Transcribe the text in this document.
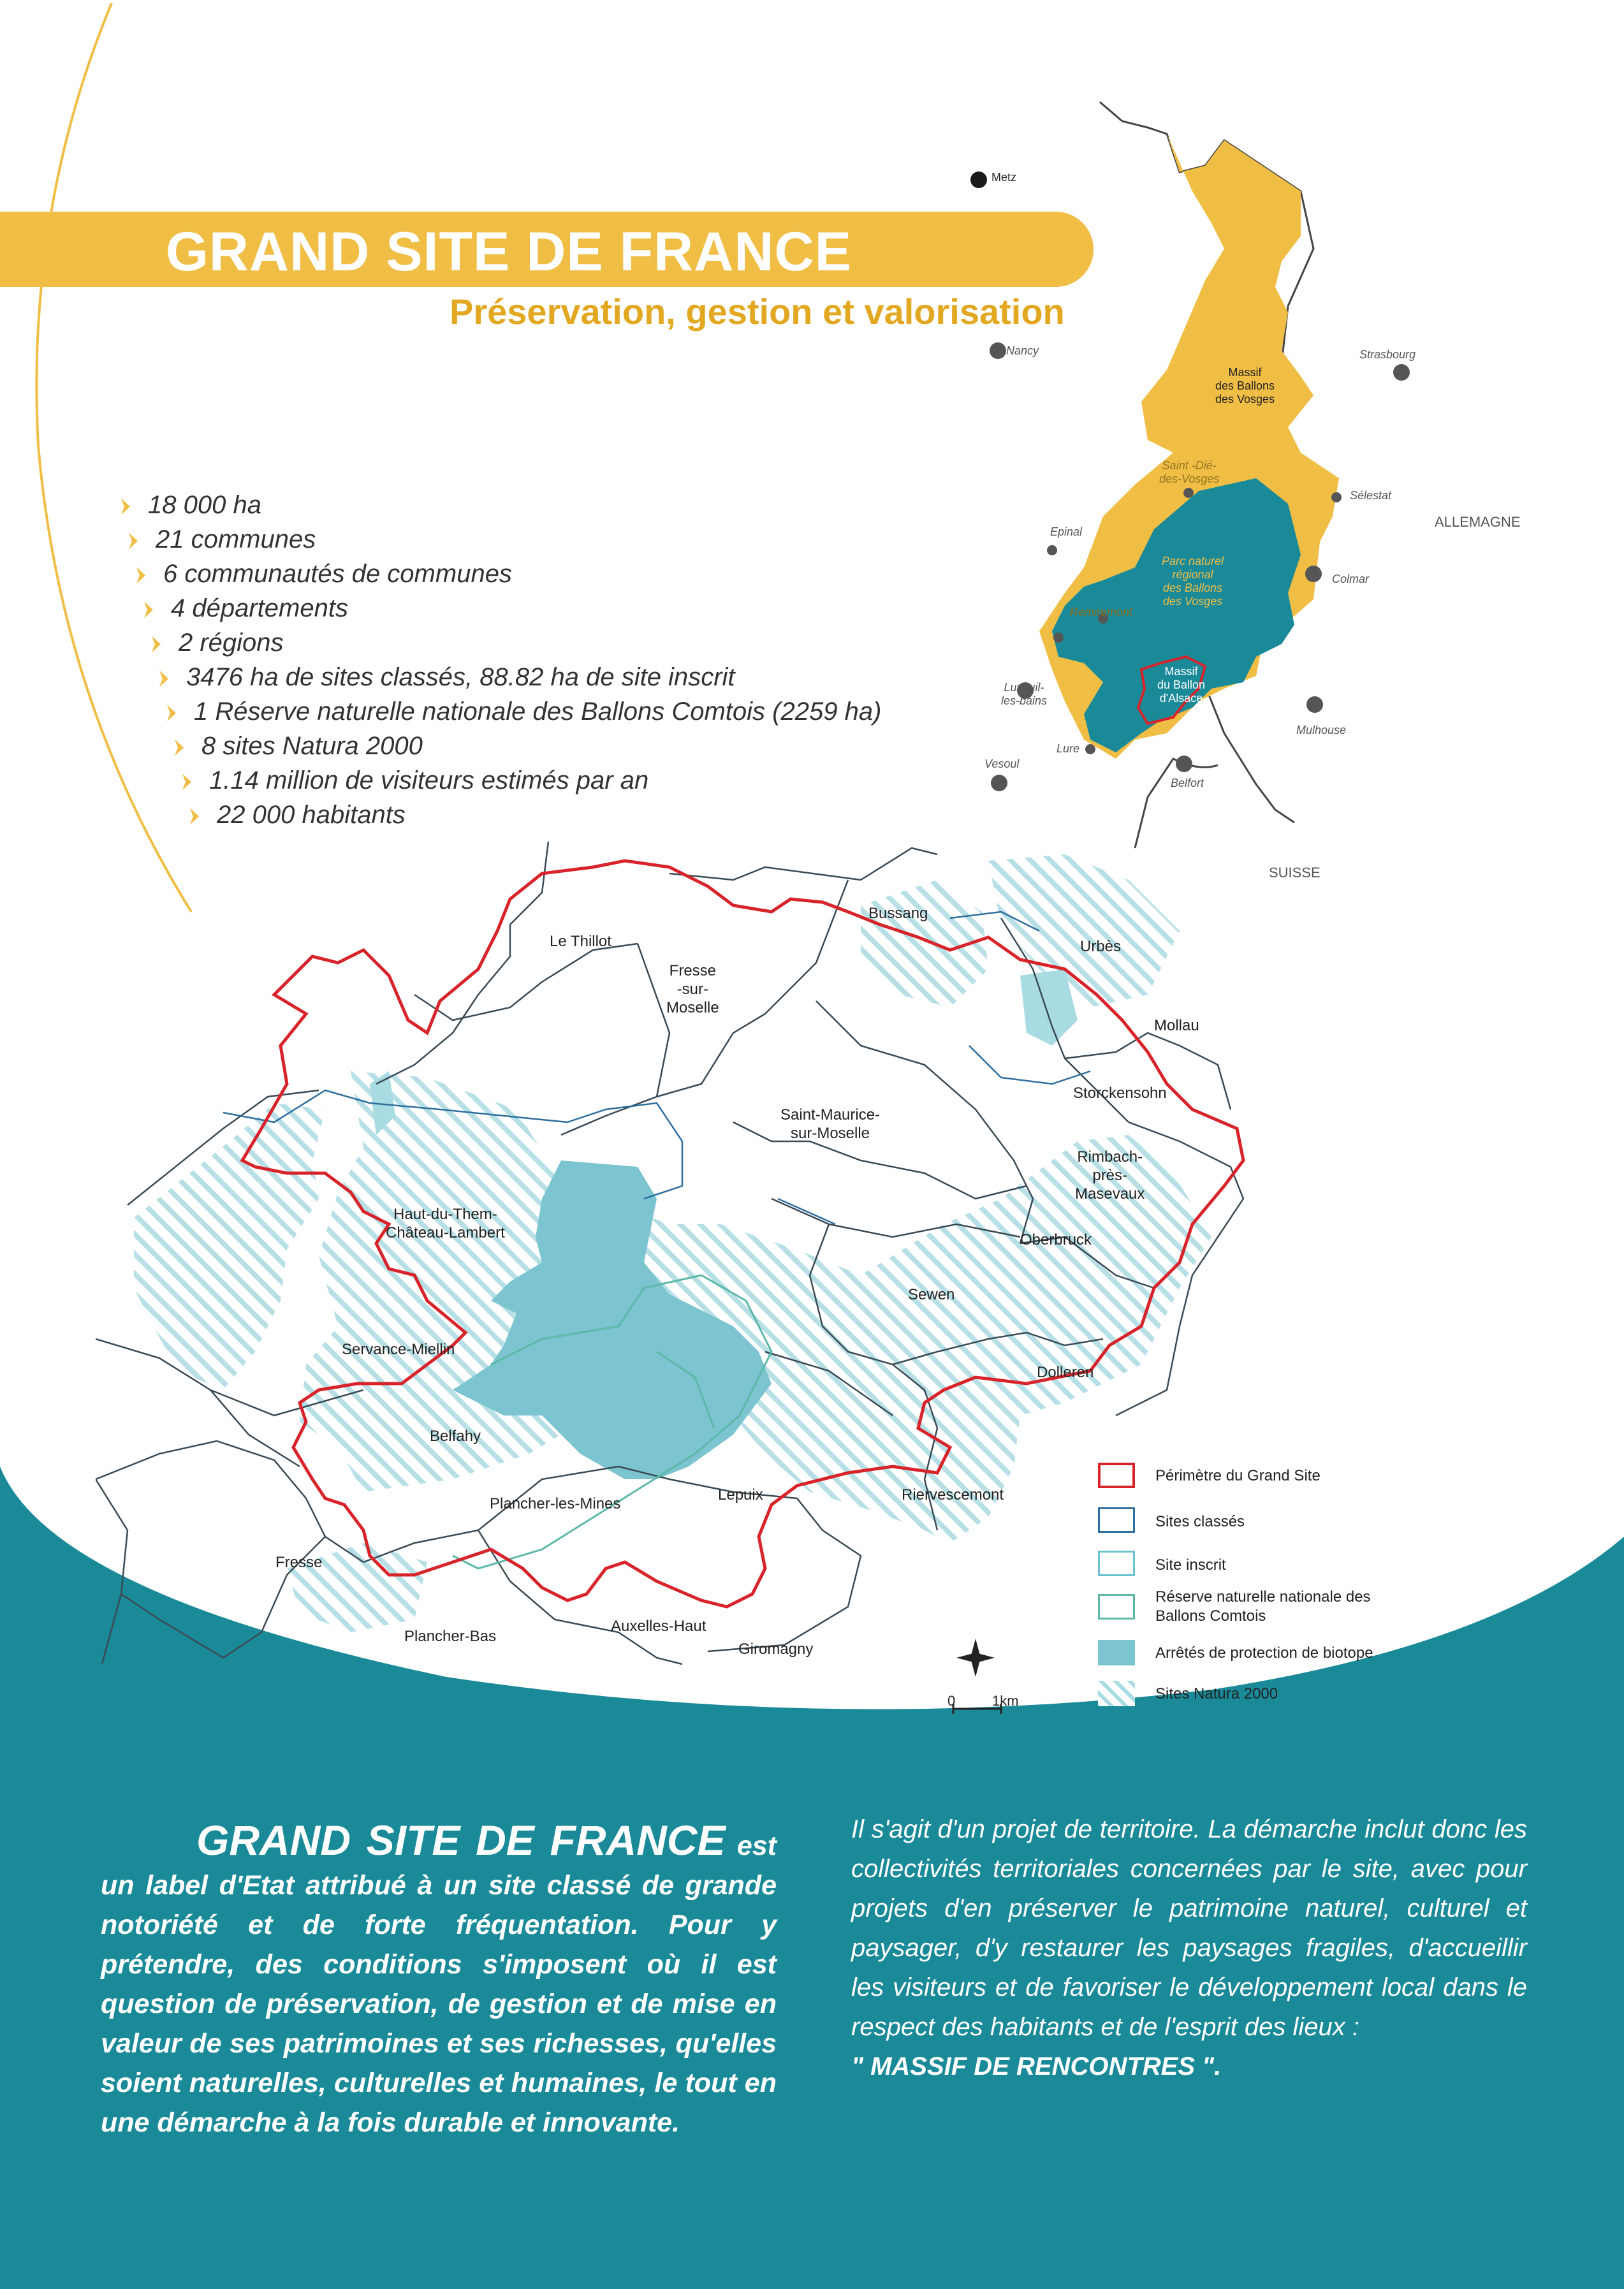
GRAND SITE DE FRANCE
Préservation, gestion et valorisation
18 000 ha
21 communes
6 communautés de communes
4 départements
2 régions
3476 ha de sites classés, 88.82 ha de site inscrit
1 Réserve naturelle nationale des Ballons Comtois (2259 ha)
8 sites Natura 2000
1.14 million de visiteurs estimés par an
22 000 habitants
Metz
Nancy	Strasbourg
Massif
des Ballons
des Vosges
Saint -Dié-
des-Vosges
Sélestat
ALLEMAGNE
Epinal
Parc naturel
régional
des Ballons
des Vosges
Colmar
Remiremont
Massif
du Ballon
d'Alsace
Luxeuil-
les-bains
Mulhouse
Lure
Vesoul
Belfort
SUISSE
Le Thillot
Fresse
-sur-
Moselle
Bussang
Urbès
Mollau
Storckensohn
Saint-Maurice-
sur-Moselle
Rimbach-
près-
Masevaux
Haut-du-Them-
Château-Lambert	Oberbruck
Sewen
Servance-Miellin
Dolleren
Belfahy
Lepuix	Riervescemont
Plancher-les-Mines
Fresse
Auxelles-Haut
Plancher-Bas
Giromagny
0	1km
Périmètre du Grand Site
Sites classés
Site inscrit
Réserve naturelle nationale des
Ballons Comtois
Arrêtés de protection de biotope
Sites Natura 2000
GRAND SITE DE FRANCE est un label d'Etat attribué à un site classé de grande notoriété et de forte fréquentation. Pour y prétendre, des conditions s'imposent où il est question de préservation, de gestion et de mise en valeur de ses patrimoines et ses richesses, qu'elles soient naturelles, culturelles et humaines, le tout en une démarche à la fois durable et innovante.
Il s'agit d'un projet de territoire. La démarche inclut donc les collectivités territoriales concernées par le site, avec pour projets d'en préserver le patrimoine naturel, culturel et paysager, d'y restaurer les paysages fragiles, d'accueillir les visiteurs et de favoriser le développement local dans le respect des habitants et de l'esprit des lieux :
" MASSIF DE RENCONTRES ".
